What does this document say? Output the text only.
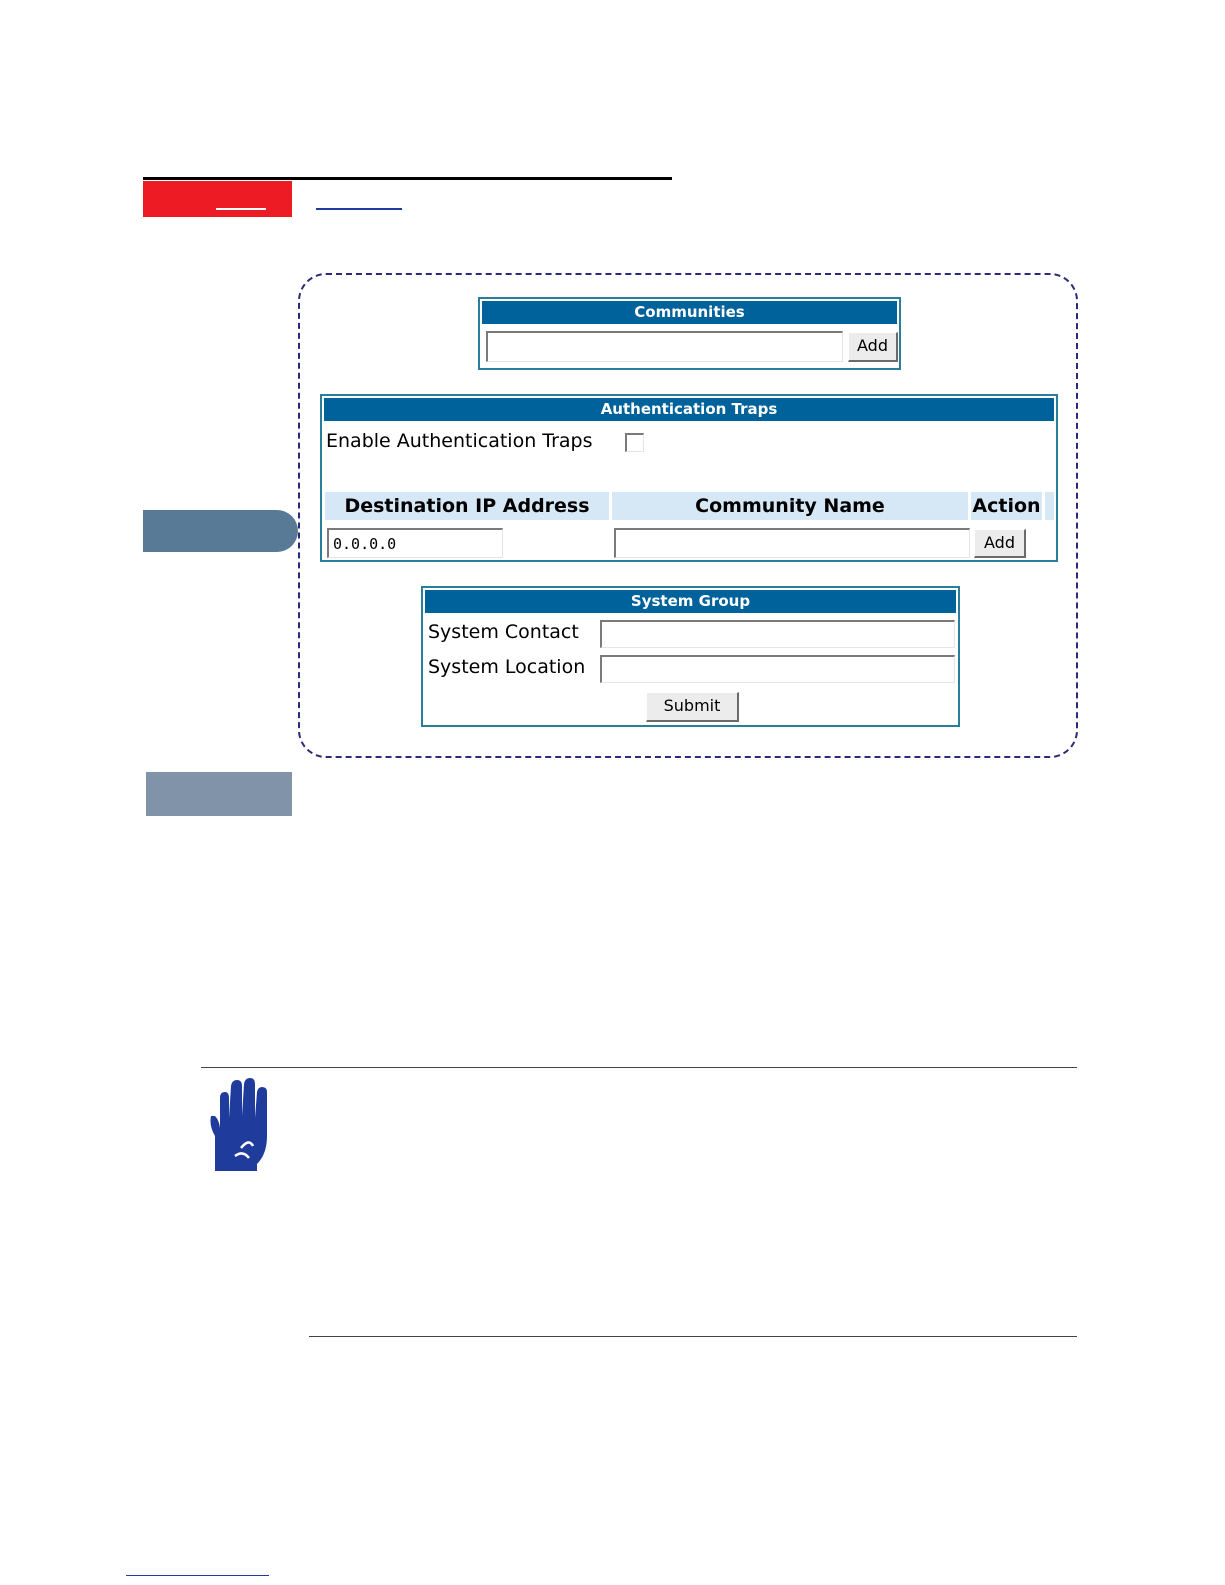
Communities
Add
Authentication Traps
Enable Authentication Traps
Destination IP Address	Community Name	Action
0.0.0.0
Add
System Group
System Contact
System Location
Submit
